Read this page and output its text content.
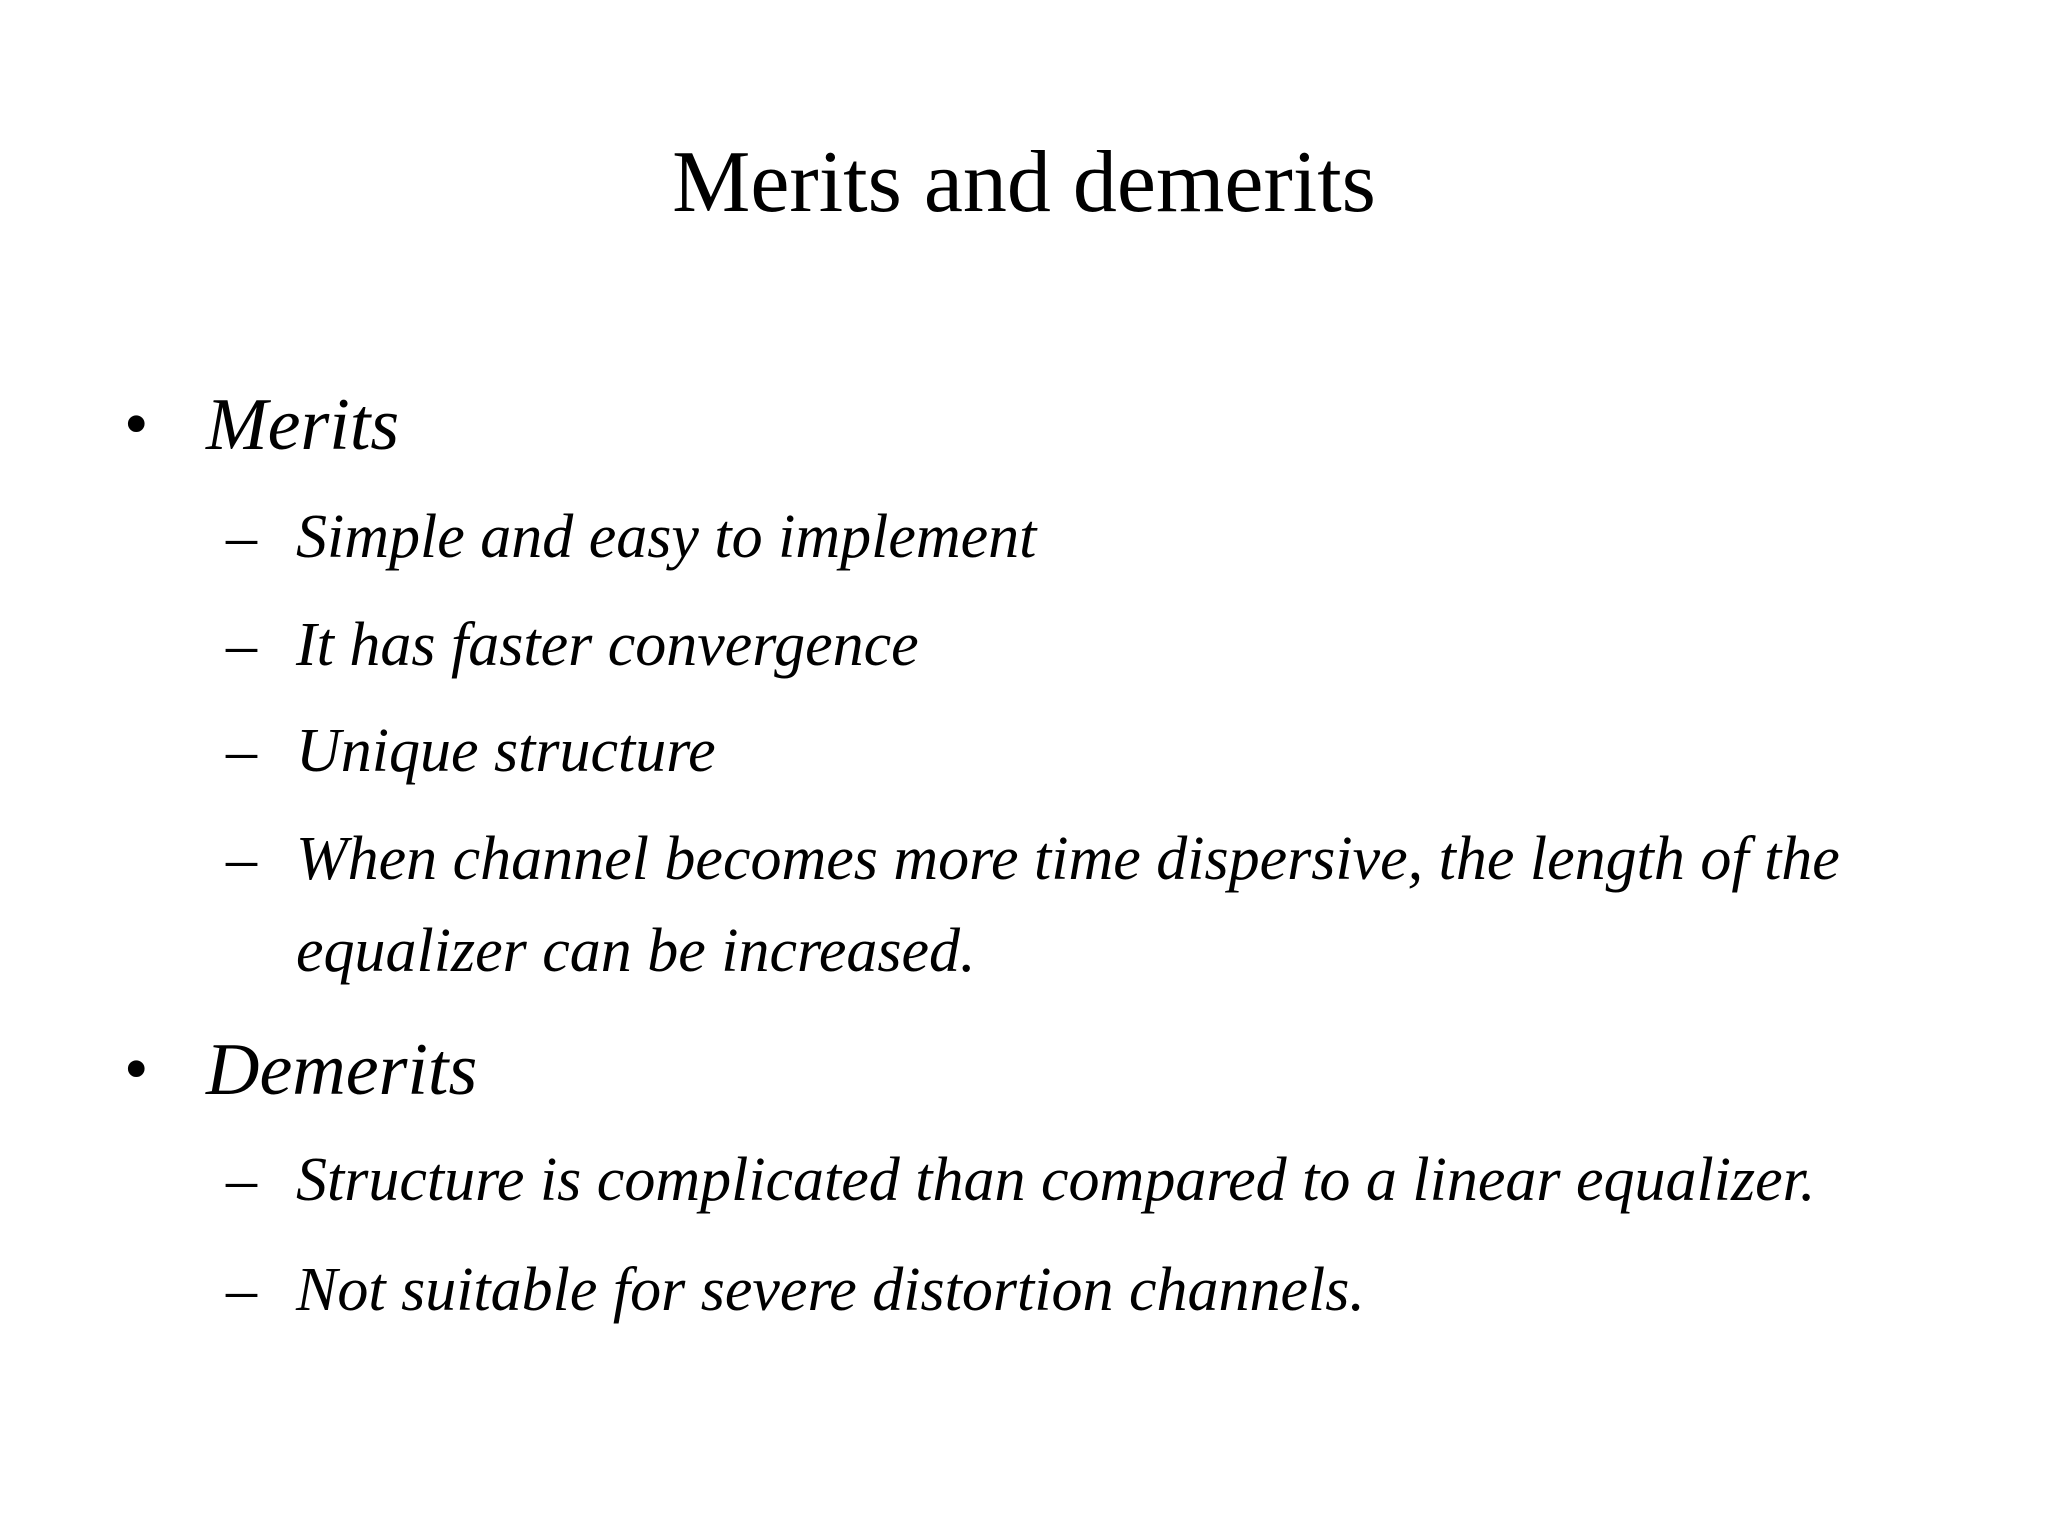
Merits and demerits
• Merits
– Simple and easy to implement
– It has faster convergence
– Unique structure
– When channel becomes more time dispersive, the length of the
equalizer can be increased.
• Demerits
– Structure is complicated than compared to a linear equalizer.
– Not suitable for severe distortion channels.
